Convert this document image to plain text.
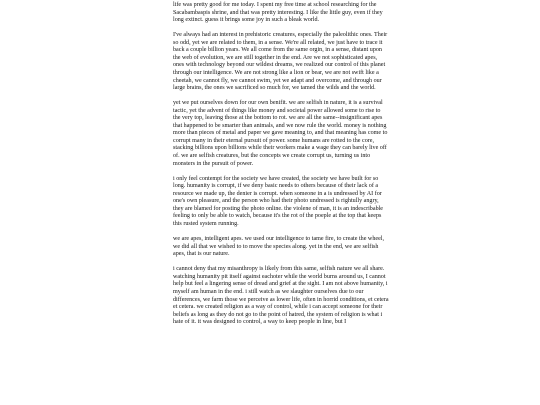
life was pretty good for me today. I spent my free time at school researching for the Sacabambaspis shrine, and that was pretty interesting. I like the little guy, even if they long extinct. guess it brings some joy in such a bleak world.

I've always had an interest in prehistoric creatures, especially the paleolithic ones. Their so odd, yet we are related to them, in a sense. We're all related, we just have to trace it back a couple billion years. We all come from the same orgin, in a sense, distant upon the web of evolution, we are still together in the end. Are we not sophisticated apes, ones with technology beyond our wildest dreams, we realized our control of this planet through our intelligence. We are not strong like a lion or bear, we are not swift like a cheetah, we cannot fly, we cannot swim, yet we adapt and overcome, and through our large brains, the ones we sacrificed so much for, we tamed the wilds and the world.

yet we put ourselves down for our own benifit. we are selfish in nature, it is a survival tactic, yet the advent of things like money and societal power allowed some to rise to the very top, leaving those at the bottom to rot. we are all the same--insignificant apes that happened to be smarter than animals, and we now rule the world. money is nothing more than pieces of metal and paper we gave meaning to, and that meaning has come to corrupt many in their eternal pursuit of power. some humans are rotted to the core, stacking billions upon billions while their workers make a wage they can barely live off of. we are selfish creatures, but the concepts we create corrupt us, turning us into monsters in the pursuit of power.

i only feel contempt for the society we have created, the society we have built for so long. humanity is corrupt, if we deny basic needs to others because of their lack of a resource we made up, the denier is corrupt. when someone in a is undressed by AI for one's own pleasure, and the person who had their photo undressed is rightully angry, they are blamed for posting the photo online. the violene of man, it is an indescribable feeling to only be able to watch, because it's the rot of the poeple at the top that keeps this rusted system running.

we are apes, intelligent apes. we used our intelligence to tame fire, to create the wheel, we did all that we wished to to move the species along. yet in the end, we are selfish apes, that is our nature.

i cannot deny that my misanthropy is likely from this same, selfish nature we all share. watching humanity pit itself against eachoter while the world burns around us, I cannot help but feel a lingering sense of dread and grief at the sight. I am not above humanity, i myself am human in the end. i still watch as we slaughter ourselves due to our differences, we farm those we perceive as lower life, often in horrid conditions, et cetera et cetera. we created religion as a way of control, while i can accept someone for their beliefs as long as they do not go to the point of hatred, the system of religion is what i hate of it. it was designed to control, a way to keep people in line, but I
